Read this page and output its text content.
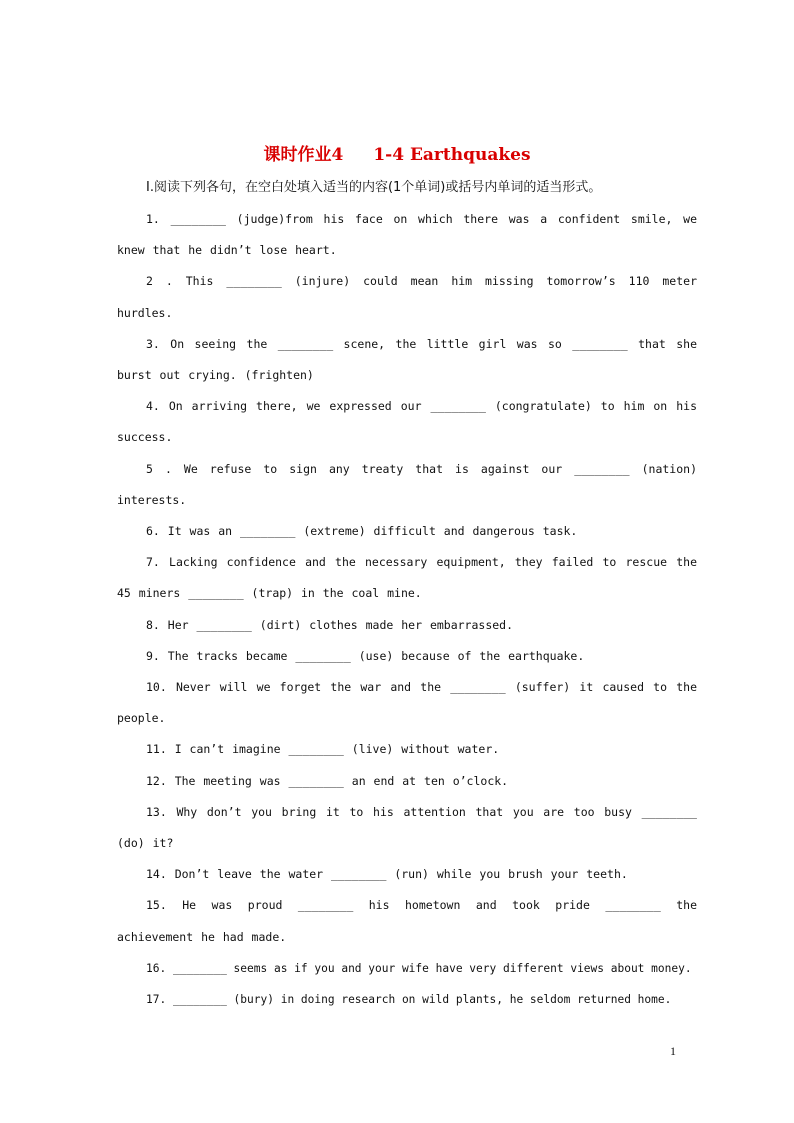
课时作业4 1-4 Earthquakes
Ⅰ.阅读下列各句，在空白处填入适当的内容(1个单词)或括号内单词的适当形式。

1. ________ (judge)from his face on which there was a confident smile, we knew that he didn’t lose heart.

2 . This ________ (injure) could mean him missing tomorrow’s 110 meter hurdles.

3. On seeing the ________ scene, the little girl was so ________ that she burst out crying. (frighten)

4. On arriving there, we expressed our ________ (congratulate) to him on his success.

5 . We refuse to sign any treaty that is against our ________ (nation) interests.

6. It was an ________ (extreme) difficult and dangerous task.

7. Lacking confidence and the necessary equipment, they failed to rescue the 45 miners ________ (trap) in the coal mine.

8. Her ________ (dirt) clothes made her embarrassed.

9. The tracks became ________ (use) because of the earthquake.

10. Never will we forget the war and the ________ (suffer) it caused to the people.

11. I can’t imagine ________ (live) without water.

12. The meeting was ________ an end at ten o’clock.

13. Why don’t you bring it to his attention that you are too busy ________ (do) it?

14. Don’t leave the water ________ (run) while you brush your teeth.

15. He was proud ________ his hometown and took pride ________ the achievement he had made.

16. ________ seems as if you and your wife have very different views about money.

17. ________ (bury) in doing research on wild plants, he seldom returned home.

1
